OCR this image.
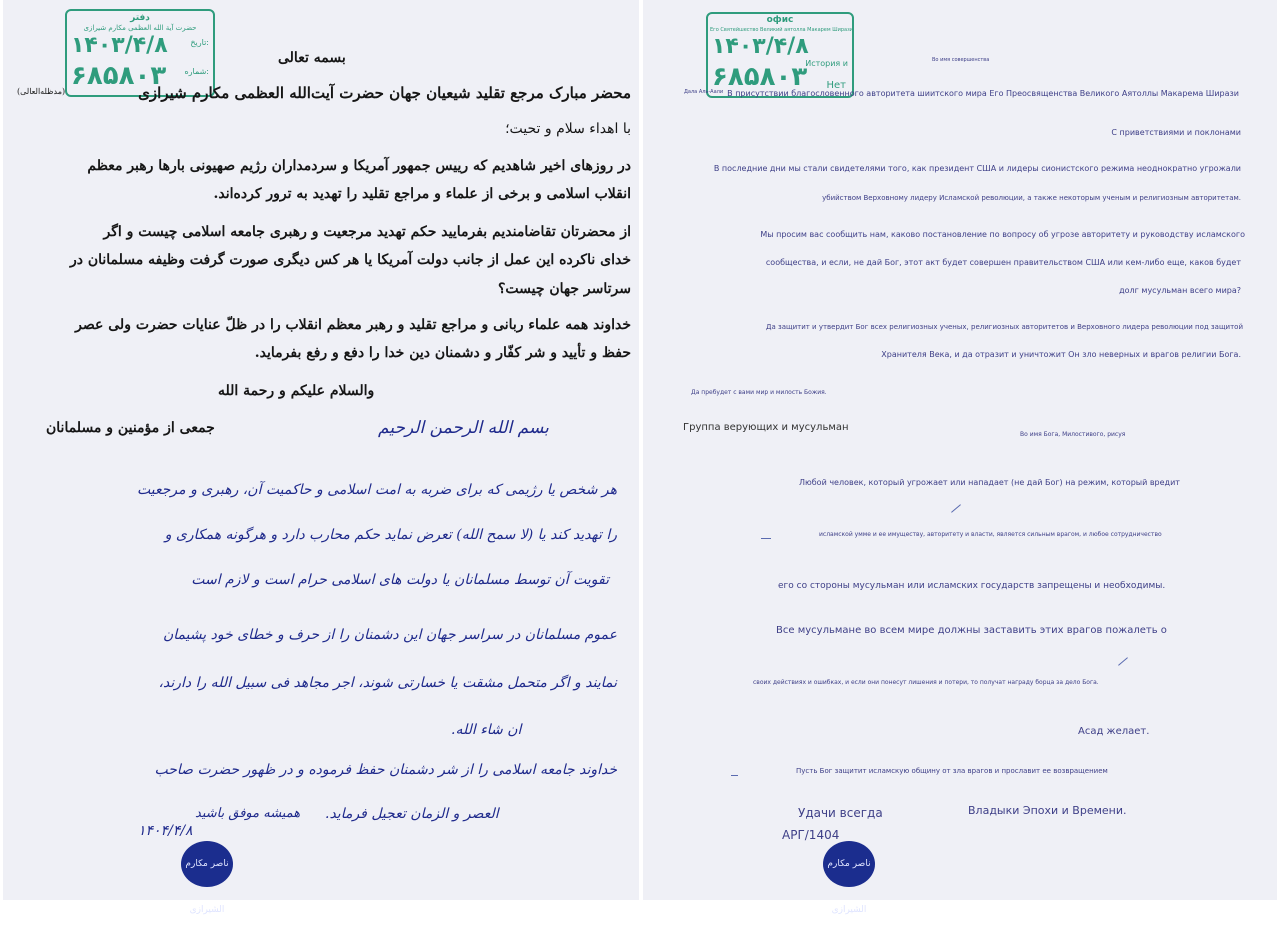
دفتر
حضرت آیة الله العظمی مکارم شیرازی
تاریخ:
۱۴۰۳/۴/۸
شماره:
۶۸۵۸۰۳
بسمه تعالی
محضر مبارک مرجع تقلید شیعیان جهان حضرت آیت‌الله العظمی مکارم شیرازی
(مدظله‌العالی)
با اهداء سلام و تحیت؛
در روزهای اخیر شاهدیم که رییس جمهور آمریکا و سردمداران رژیم صهیونی بارها رهبر معظم
انقلاب اسلامی و برخی از علماء و مراجع تقلید را تهدید به ترور کرده‌اند.
از محضرتان تقاضامندیم بفرمایید حکم تهدید مرجعیت و رهبری جامعه اسلامی چیست و اگر
خدای ناکرده این عمل از جانب دولت آمریکا یا هر کس دیگری صورت گرفت وظیفه مسلمانان در
سرتاسر جهان چیست؟
خداوند همه علماء ربانی و مراجع تقلید و رهبر معظم انقلاب را در ظلّ عنایات حضرت ولی عصر
حفظ و تأیید و شر کفّار و دشمنان دین خدا را دفع و رفع بفرماید.
والسلام علیکم و رحمة الله
جمعی از مؤمنین و مسلمانان	بسم الله الرحمن الرحیم
هر شخص یا رژیمی که برای ضربه به امت اسلامی و حاکمیت آن، رهبری و مرجعیت
را تهدید کند یا (لا سمح الله) تعرض نماید حکم محارب دارد و هرگونه همکاری و
تقویت آن توسط مسلمانان یا دولت های اسلامی حرام است و لازم است
عموم مسلمانان در سراسر جهان این دشمنان را از حرف و خطای خود پشیمان
نمایند و اگر متحمل مشقت یا خسارتی شوند، اجر مجاهد فی سبیل الله را دارند،
ان شاء الله.
خداوند جامعه اسلامی را از شر دشمنان حفظ فرموده و در ظهور حضرت صاحب
العصر و الزمان تعجیل فرماید.
همیشه موفق باشید
۱۴۰۴/۴/۸
ناصر مکارم الشیرازی
офис
Его Святейшество Великий аятолла Макарем Ширази
۱۴۰۳/۴/۸
История и
۶۸۵۸۰۳ Нет
Во имя совершенства
Дала Аль-Аали В присутствии благословенного авторитета шиитского мира Его Преосвященства Великого Аятоллы Макарема Ширази
С приветствиями и поклонами
В последние дни мы стали свидетелями того, как президент США и лидеры сионистского режима неоднократно угрожали
убийством Верховному лидеру Исламской революции, а также некоторым ученым и религиозным авторитетам.
Мы просим вас сообщить нам, каково постановление по вопросу об угрозе авторитету и руководству исламского
сообщества, и если, не дай Бог, этот акт будет совершен правительством США или кем-либо еще, каков будет
долг мусульман всего мира?
Да защитит и утвердит Бог всех религиозных ученых, религиозных авторитетов и Верховного лидера революции под защитой
Хранителя Века, и да отразит и уничтожит Он зло неверных и врагов религии Бога.
Да пребудет с вами мир и милость Божия.
Группа верующих и мусульман
Во имя Бога, Милостивого, рисуя
Любой человек, который угрожает или нападает (не дай Бог) на режим, который вредит
исламской умме и ее имуществу, авторитету и власти, является сильным врагом, и любое сотрудничество
его со стороны мусульман или исламских государств запрещены и необходимы.
Все мусульмане во всем мире должны заставить этих врагов пожалеть о
своих действиях и ошибках, и если они понесут лишения и потери, то получат награду борца за дело Бога.
Асад желает.
Пусть Бог защитит исламскую общину от зла врагов и прославит ее возвращением
Удачи всегда	Владыки Эпохи и Времени.
АРГ/1404
ناصر مکارم الشیرازی
